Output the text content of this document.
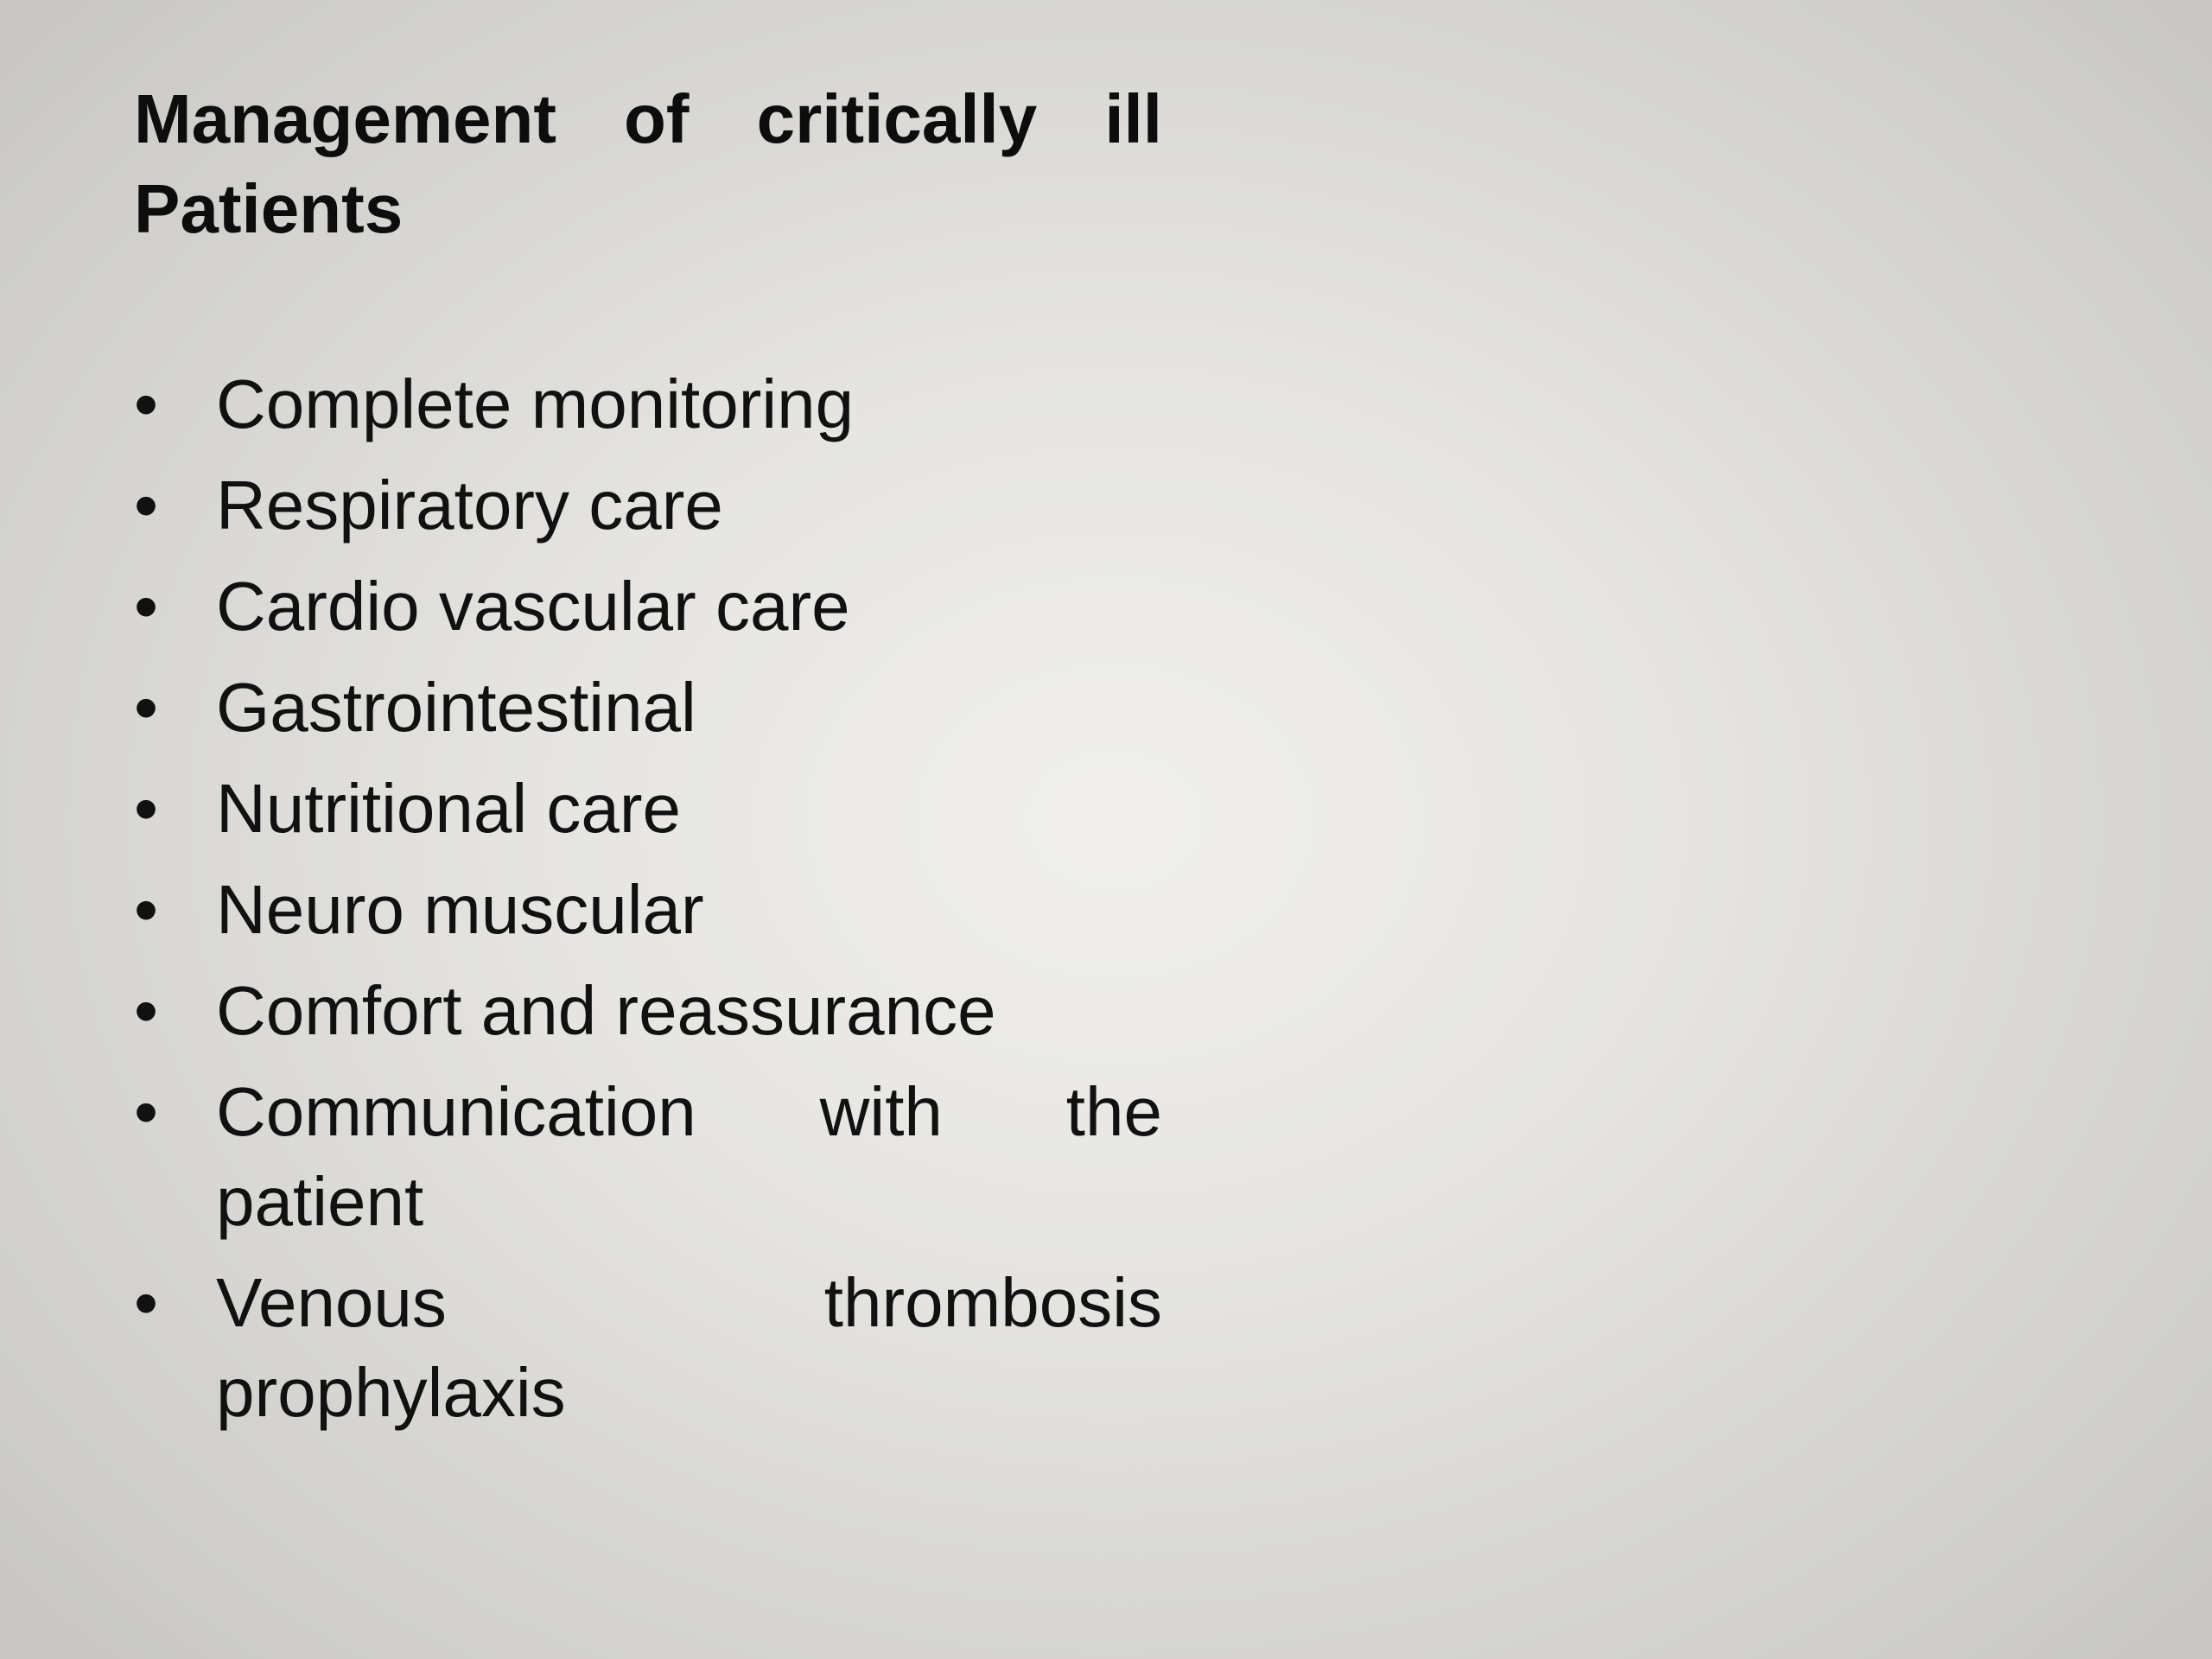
Management of critically ill Patients
• Complete monitoring
• Respiratory care
• Cardio vascular care
• Gastrointestinal
• Nutritional care
• Neuro muscular
• Comfort and reassurance
• Communication with the patient
• Venous thrombosis prophylaxis
